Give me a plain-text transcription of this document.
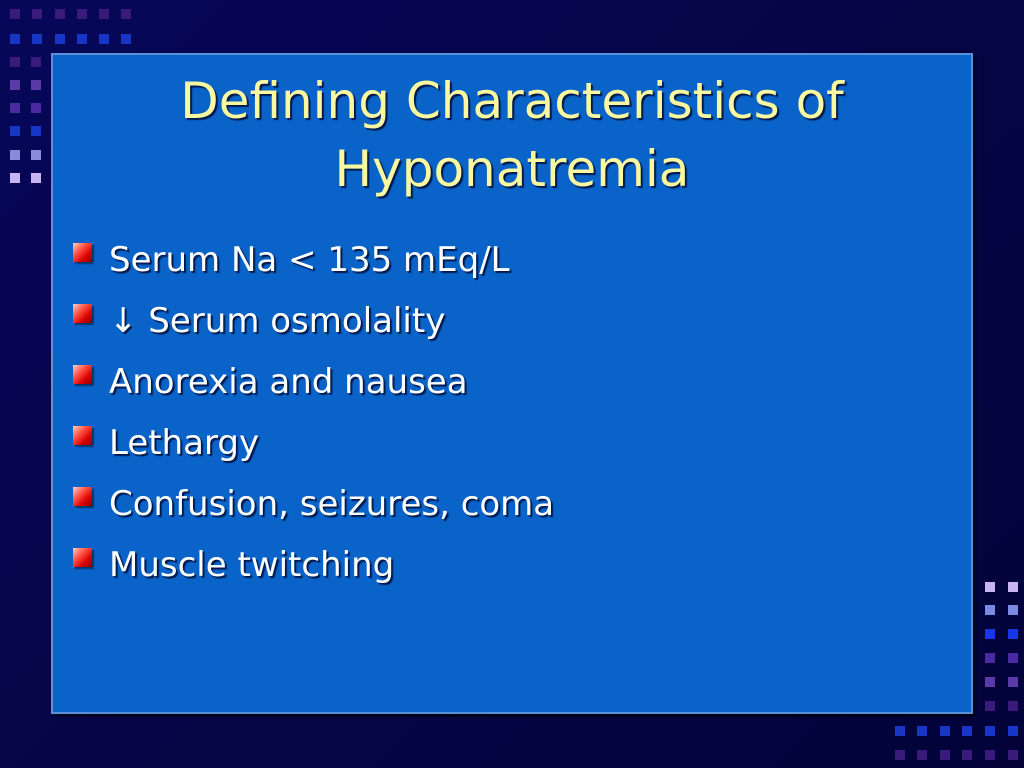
Defining Characteristics of
Hyponatremia
Serum Na < 135 mEq/L
↓ Serum osmolality
Anorexia and nausea
Lethargy
Confusion, seizures, coma
Muscle twitching
